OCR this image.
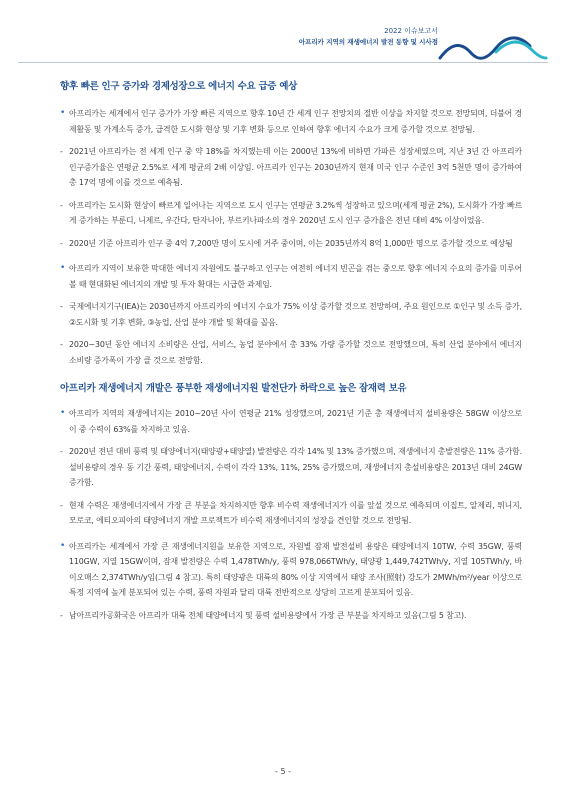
2022 이슈보고서
아프리카 지역의 재생에너지 발전 동향 및 시사점
향후 빠른 인구 증가와 경제성장으로 에너지 수요 급증 예상
• 아프리카는 세계에서 인구 증가가 가장 빠른 지역으로 향후 10년 간 세계 인구 전망치의 절반 이상을 차지할 것으로 전망되며, 더불어 경제활동 및 가계소득 증가, 급격한 도시화 현상 및 기후 변화 등으로 인하여 향후 에너지 수요가 크게 증가할 것으로 전망됨.
- 2021년 아프리카는 전 세계 인구 중 약 18%를 차지했는데 이는 2000년 13%에 비하면 가파른 성장세였으며, 지난 3년 간 아프리카 인구증가율은 연평균 2.5%로 세계 평균의 2배 이상임. 아프리카 인구는 2030년까지 현재 미국 인구 수준인 3억 5천만 명이 증가하여 총 17억 명에 이를 것으로 예측됨.
- 아프리카는 도시화 현상이 빠르게 일어나는 지역으로 도시 인구는 연평균 3.2%씩 성장하고 있으며(세계 평균 2%), 도시화가 가장 빠르게 증가하는 부룬디, 니제르, 우간다, 탄자니아, 부르키나파소의 경우 2020년 도시 인구 증가율은 전년 대비 4% 이상이었음.
- 2020년 기준 아프리카 인구 중 4억 7,200만 명이 도시에 거주 중이며, 이는 2035년까지 8억 1,000만 명으로 증가할 것으로 예상됨
• 아프리카 지역이 보유한 막대한 에너지 자원에도 불구하고 인구는 여전히 에너지 빈곤을 겪는 중으로 향후 에너지 수요의 증가를 미루어 볼 때 현대화된 에너지의 개발 및 투자 확대는 시급한 과제임.
- 국제에너지기구(IEA)는 2030년까지 아프리카의 에너지 수요가 75% 이상 증가할 것으로 전망하며, 주요 원인으로 ①인구 및 소득 증가, ②도시화 및 기후 변화, ③농업, 산업 분야 개발 및 확대를 꼽음.
- 2020~30년 동안 에너지 소비량은 산업, 서비스, 농업 분야에서 총 33% 가량 증가할 것으로 전망했으며, 특히 산업 분야에서 에너지 소비량 증가폭이 가장 클 것으로 전망함.
아프리카 재생에너지 개발은 풍부한 재생에너지원 발전단가 하락으로 높은 잠재력 보유
• 아프리카 지역의 재생에너지는 2010~20년 사이 연평균 21% 성장했으며, 2021년 기준 총 재생에너지 설비용량은 58GW 이상으로 이 중 수력이 63%를 차지하고 있음.
- 2020년 전년 대비 풍력 및 태양에너지(태양광+태양열) 발전량은 각각 14% 및 13% 증가했으며, 재생에너지 총발전량은 11% 증가함. 설비용량의 경우 동 기간 풍력, 태양에너지, 수력이 각각 13%, 11%, 25% 증가했으며, 재생에너지 총설비용량은 2013년 대비 24GW 증가함.
- 현재 수력은 재생에너지에서 가장 큰 부분을 차지하지만 향후 비수력 재생에너지가 이를 앞설 것으로 예측되며 이집트, 알제리, 튀니지, 모로코, 에티오피아의 태양에너지 개발 프로젝트가 비수력 재생에너지의 성장을 견인할 것으로 전망됨.
• 아프리카는 세계에서 가장 큰 재생에너지원을 보유한 지역으로, 자원별 잠재 발전설비 용량은 태양에너지 10TW, 수력 35GW, 풍력 110GW, 지열 15GW이며, 잠재 발전량은 수력 1,478TWh/y, 풍력 978,066TWh/y, 태양광 1,449,742TWh/y, 지열 105TWh/y, 바이오매스 2,374TWh/y임(그림 4 참고). 특히 태양광은 대륙의 80% 이상 지역에서 태양 조사(照射) 강도가 2MWh/m²/year 이상으로 특정 지역에 높게 분포되어 있는 수력, 풍력 자원과 달리 대륙 전반적으로 상당히 고르게 분포되어 있음.
- 남아프리카공화국은 아프리카 대륙 전체 태양에너지 및 풍력 설비용량에서 가장 큰 부분을 차지하고 있음(그림 5 참고).
- 5 -
